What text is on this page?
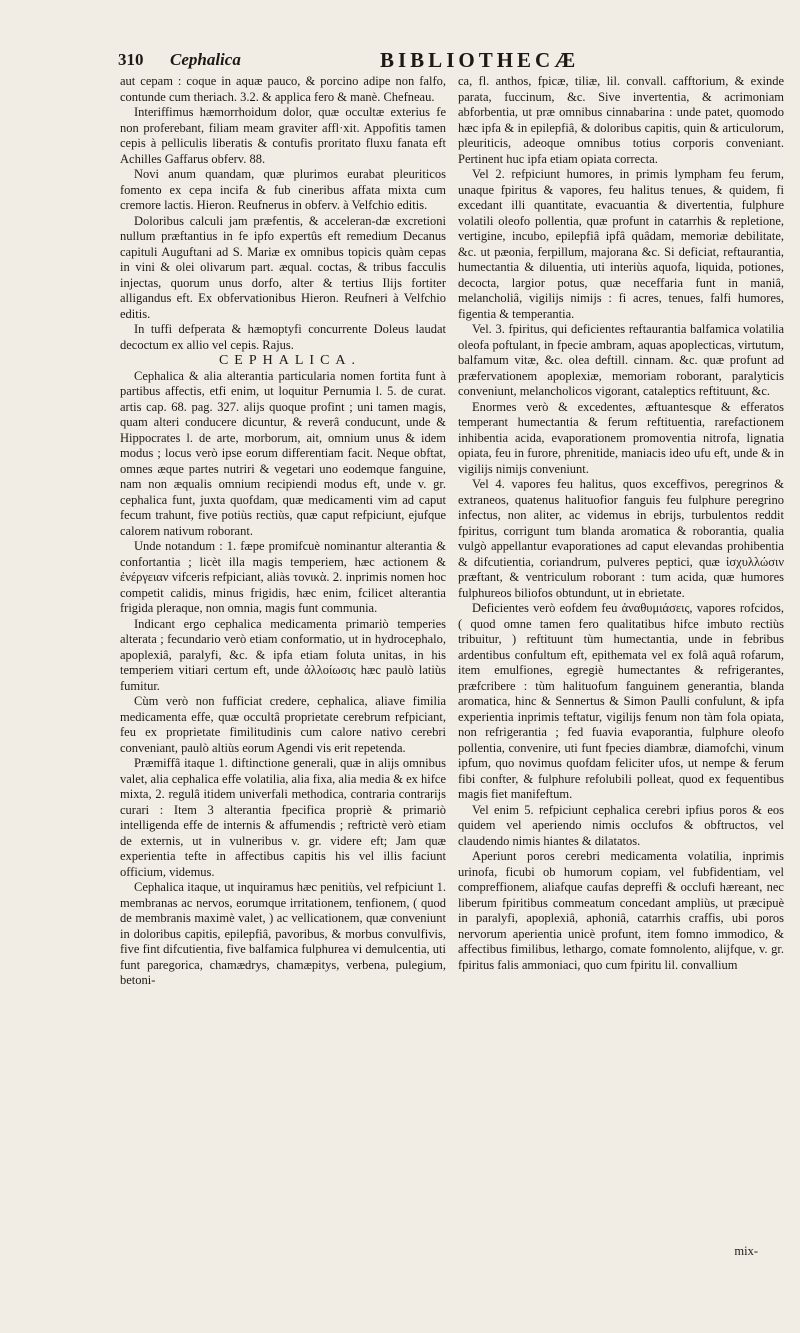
310 Cephalica	BIBLIOTHECÆ

aut cepam : coque in aquæ pauco, & porcino adipe non falfo, contunde cum theriach. 3.2. & applica fero & manè. Chefneau.

Interiffimus hæmorrhoidum dolor, quæ occultæ exterius fe non proferebant, filiam meam graviter affl·xit. Appofitis tamen cepis à pelliculis liberatis & contufis proritato fluxu fanata eft Achilles Gaffarus obferv. 88.

Novi anum quandam, quæ plurimos eurabat pleuriticos fomento ex cepa incifa & fub cineribus affata mixta cum cremore lactis. Hieron. Reufnerus in obferv. à Velfchio editis.

Doloribus calculi jam præfentis, & acceleran-dæ excretioni nullum præftantius in fe ipfo expertûs eft remedium Decanus capituli Auguftani ad S. Mariæ ex omnibus topicis quàm cepas in vini & olei olivarum part. æqual. coctas, & tribus facculis injectas, quorum unus dorfo, alter & tertius Ilijs fortiter alligandus eft. Ex obfervationibus Hieron. Reufneri à Velfchio editis.

In tuffi defperata & hæmoptyfi concurrente Doleus laudat decoctum ex allio vel cepis. Rajus.

CEPHALICA.

Cephalica & alia alterantia particularia nomen fortita funt à partibus affectis, etfi enim, ut loquitur Pernumia l. 5. de curat. artis cap. 68. pag. 327. alijs quoque profint ; uni tamen magis, quam alteri conducere dicuntur, & reverâ conducunt, unde & Hippocrates l. de arte, morborum, ait, omnium unus & idem modus ; locus verò ipse eorum differentiam facit. Neque obftat, omnes æque partes nutriri & vegetari uno eodemque fanguine, nam non æqualis omnium recipiendi modus eft, unde v. gr. cephalica funt, juxta quofdam, quæ medicamenti vim ad caput fecum trahunt, five potiùs rectiùs, quæ caput refpiciunt, ejufque calorem nativum roborant.

Unde notandum : 1. fæpe promifcuè nominantur alterantia & confortantia ; licèt illa magis temperiem, hæc actionem & ἐνέργειαν vifceris refpiciant, aliàs τονικὰ. 2. inprimis nomen hoc competit calidis, minus frigidis, hæc enim, fcilicet alterantia frigida pleraque, non omnia, magis funt communia.

Indicant ergo cephalica medicamenta primariò temperies alterata ; fecundario verò etiam conformatio, ut in hydrocephalo, apoplexiâ, paralyfi, &c. & ipfa etiam foluta unitas, in his temperiem vitiari certum eft, unde ἀλλοίωσις hæc paulò latiùs fumitur.

Cùm verò non fufficiat credere, cephalica, aliave fimilia medicamenta effe, quæ occultâ proprietate cerebrum refpiciant, feu ex proprietate fimilitudinis cum calore nativo cerebri conveniant, paulò altiùs eorum Agendi vis erit repetenda.

Præmiffâ itaque 1. diftinctione generali, quæ in alijs omnibus valet, alia cephalica effe volatilia, alia fixa, alia media & ex hifce mixta, 2. regulâ itidem univerfali methodica, contraria contrarijs curari : Item 3 alterantia fpecifica propriè & primariò intelligenda effe de internis & affumendis ; reftrictè verò etiam de externis, ut in vulneribus v. gr. videre eft; Jam quæ experientia tefte in affectibus capitis his vel illis faciunt officium, videmus.

Cephalica itaque, ut inquiramus hæc penitiùs, vel refpiciunt 1. membranas ac nervos, eorumque irritationem, tenfionem, ( quod de membranis maximè valet, ) ac vellicationem, quæ conveniunt in doloribus capitis, epilepfiâ, pavoribus, & morbus convulfivis, five fint difcutientia, five balfamica fulphurea vi demulcentia, uti funt paregorica, chamædrys, chamæpitys, verbena, pulegium, betoni-

ca, fl. anthos, fpicæ, tiliæ, lil. convall. cafftorium, & exinde parata, fuccinum, &c. Sive invertentia, & acrimoniam abforbentia, ut præ omnibus cinnabarina : unde patet, quomodo hæc ipfa & in epilepfiâ, & doloribus capitis, quin & articulorum, pleuriticis, adeoque omnibus totius corporis conveniant. Pertinent huc ipfa etiam opiata correcta.

Vel 2. refpiciunt humores, in primis lympham feu ferum, unaque fpiritus & vapores, feu halitus tenues, & quidem, fi excedant illi quantitate, evacuantia & divertentia, fulphure volatili oleofo pollentia, quæ profunt in catarrhis & repletione, vertigine, incubo, epilepfiâ ipfâ quâdam, memoriæ debilitate, &c. ut pæonia, ferpillum, majorana &c. Si deficiat, reftaurantia, humectantia & diluentia, uti interiùs aquofa, liquida, potiones, decocta, largior potus, quæ neceffaria funt in maniâ, melancholiâ, vigilijs nimijs : fi acres, tenues, falfi humores, figentia & temperantia.

Vel. 3. fpiritus, qui deficientes reftaurantia balfamica volatilia oleofa poftulant, in fpecie ambram, aquas apoplecticas, virtutum, balfamum vitæ, &c. olea deftill. cinnam. &c. quæ profunt ad præfervationem apoplexiæ, memoriam roborant, paralyticis conveniunt, melancholicos vigorant, cataleptics reftituunt, &c.

Enormes verò & excedentes, æftuantesque & efferatos temperant humectantia & ferum reftituentia, rarefactionem inhibentia acida, evaporationem promoventia nitrofa, lignatia opiata, feu in furore, phrenitide, maniacis ideo ufu eft, unde & in vigilijs nimijs conveniunt.

Vel 4. vapores feu halitus, quos exceffivos, peregrinos & extraneos, quatenus halituofior fanguis feu fulphure peregrino infectus, non aliter, ac videmus in ebrijs, turbulentos reddit fpiritus, corrigunt tum blanda aromatica & roborantia, qualia vulgò appellantur evaporationes ad caput elevandas prohibentia & difcutientia, coriandrum, pulveres peptici, quæ ἰσχυλλώσιν præftant, & ventriculum roborant : tum acida, quæ humores fulphureos biliofos obtundunt, ut in ebrietate.

Deficientes verò eofdem feu ἀναθυμιάσεις, vapores rofcidos, ( quod omne tamen fero qualitatibus hifce imbuto rectiùs tribuitur, ) reftituunt tùm humectantia, unde in febribus ardentibus confultum eft, epithemata vel ex folâ aquâ rofarum, item emulfiones, egregiè humectantes & refrigerantes, præfcribere : tùm halituofum fanguinem generantia, blanda aromatica, hinc & Sennertus & Simon Paulli confulunt, & ipfa experientia inprimis teftatur, vigilijs fenum non tàm fola opiata, non refrigerantia ; fed fuavia evaporantia, fulphure oleofo pollentia, convenire, uti funt fpecies diambræ, diamofchi, vinum ipfum, quo novimus quofdam feliciter ufos, ut nempe & ferum fibi confter, & fulphure refolubili polleat, quod ex fequentibus magis fiet manifeftum.

Vel enim 5. refpiciunt cephalica cerebri ipfius poros & eos quidem vel aperiendo nimis occlufos & obftructos, vel claudendo nimis hiantes & dilatatos.

Aperiunt poros cerebri medicamenta volatilia, inprimis urinofa, ficubi ob humorum copiam, vel fubfidentiam, vel compreffionem, aliafque caufas depreffi & occlufi hæreant, nec liberum fpiritibus commeatum concedant ampliùs, ut præcipuè in paralyfi, apoplexiâ, aphoniâ, catarrhis craffis, ubi poros nervorum aperientia unicè profunt, item fomno immodico, & affectibus fimilibus, lethargo, comate fomnolento, alijfque, v. gr. fpiritus falis ammoniaci, quo cum fpiritu lil. convallium

mix-
